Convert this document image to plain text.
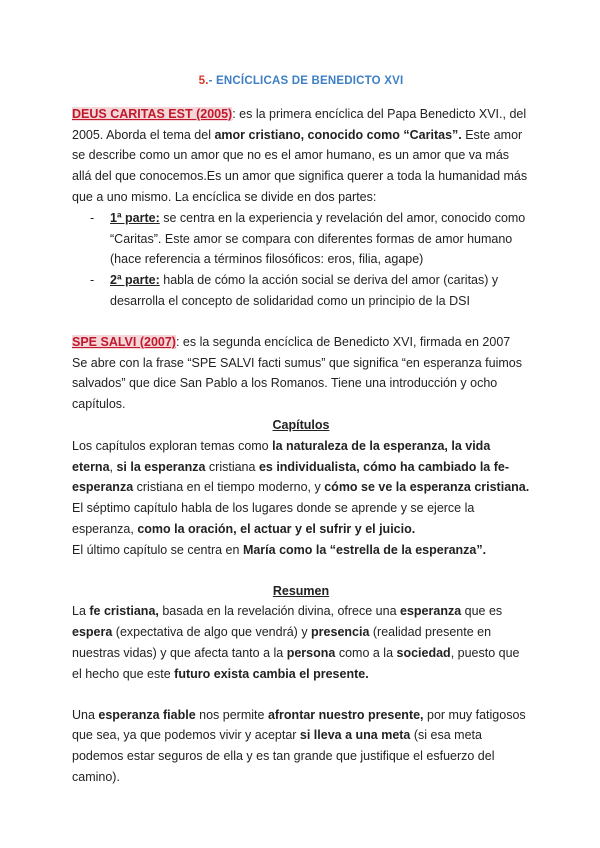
5.- ENCÍCLICAS DE BENEDICTO XVI

DEUS CARITAS EST (2005): es la primera encíclica del Papa Benedicto XVI., del 2005. Aborda el tema del amor cristiano, conocido como “Caritas”. Este amor se describe como un amor que no es el amor humano, es un amor que va más allá del que conocemos.Es un amor que significa querer a toda la humanidad más que a uno mismo. La encíclica se divide en dos partes:

- 1ª parte: se centra en la experiencia y revelación del amor, conocido como “Caritas”. Este amor se compara con diferentes formas de amor humano (hace referencia a términos filosóficos: eros, filia, agape)
- 2ª parte: habla de cómo la acción social se deriva del amor (caritas) y desarrolla el concepto de solidaridad como un principio de la DSI

SPE SALVI (2007): es la segunda encíclica de Benedicto XVI, firmada en 2007

Se abre con la frase “SPE SALVI facti sumus” que significa “en esperanza fuimos salvados” que dice San Pablo a los Romanos. Tiene una introducción y ocho capítulos.

Capítulos

Los capítulos exploran temas como la naturaleza de la esperanza, la vida eterna, si la esperanza cristiana es individualista, cómo ha cambiado la fe-esperanza cristiana en el tiempo moderno, y cómo se ve la esperanza cristiana.

El séptimo capítulo habla de los lugares donde se aprende y se ejerce la esperanza, como la oración, el actuar y el sufrir y el juicio.

El último capítulo se centra en María como la “estrella de la esperanza”.

Resumen

La fe cristiana, basada en la revelación divina, ofrece una esperanza que es espera (expectativa de algo que vendrá) y presencia (realidad presente en nuestras vidas) y que afecta tanto a la persona como a la sociedad, puesto que el hecho que este futuro exista cambia el presente.

Una esperanza fiable nos permite afrontar nuestro presente, por muy fatigosos que sea, ya que podemos vivir y aceptar si lleva a una meta (si esa meta podemos estar seguros de ella y es tan grande que justifique el esfuerzo del camino).
